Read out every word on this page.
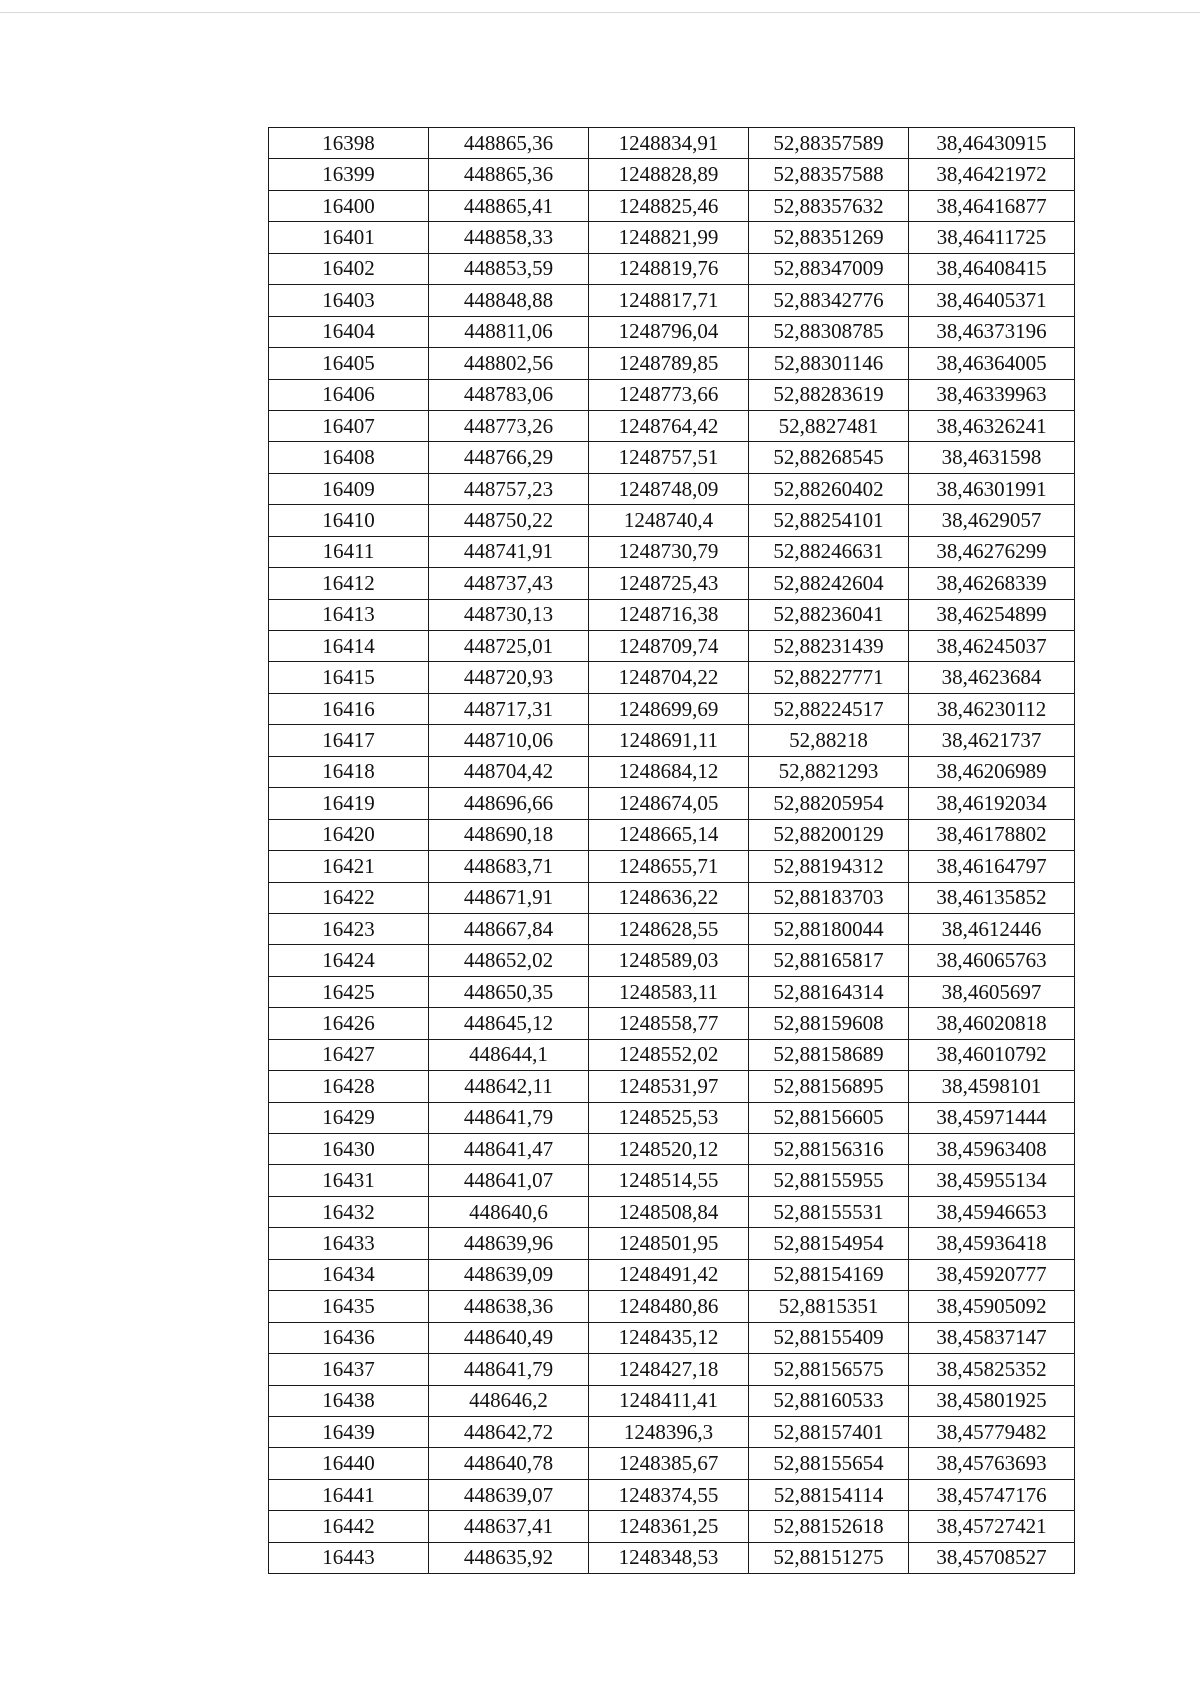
16398	448865,36	1248834,91	52,88357589	38,46430915
16399	448865,36	1248828,89	52,88357588	38,46421972
16400	448865,41	1248825,46	52,88357632	38,46416877
16401	448858,33	1248821,99	52,88351269	38,46411725
16402	448853,59	1248819,76	52,88347009	38,46408415
16403	448848,88	1248817,71	52,88342776	38,46405371
16404	448811,06	1248796,04	52,88308785	38,46373196
16405	448802,56	1248789,85	52,88301146	38,46364005
16406	448783,06	1248773,66	52,88283619	38,46339963
16407	448773,26	1248764,42	52,8827481	38,46326241
16408	448766,29	1248757,51	52,88268545	38,4631598
16409	448757,23	1248748,09	52,88260402	38,46301991
16410	448750,22	1248740,4	52,88254101	38,4629057
16411	448741,91	1248730,79	52,88246631	38,46276299
16412	448737,43	1248725,43	52,88242604	38,46268339
16413	448730,13	1248716,38	52,88236041	38,46254899
16414	448725,01	1248709,74	52,88231439	38,46245037
16415	448720,93	1248704,22	52,88227771	38,4623684
16416	448717,31	1248699,69	52,88224517	38,46230112
16417	448710,06	1248691,11	52,88218	38,4621737
16418	448704,42	1248684,12	52,8821293	38,46206989
16419	448696,66	1248674,05	52,88205954	38,46192034
16420	448690,18	1248665,14	52,88200129	38,46178802
16421	448683,71	1248655,71	52,88194312	38,46164797
16422	448671,91	1248636,22	52,88183703	38,46135852
16423	448667,84	1248628,55	52,88180044	38,4612446
16424	448652,02	1248589,03	52,88165817	38,46065763
16425	448650,35	1248583,11	52,88164314	38,4605697
16426	448645,12	1248558,77	52,88159608	38,46020818
16427	448644,1	1248552,02	52,88158689	38,46010792
16428	448642,11	1248531,97	52,88156895	38,4598101
16429	448641,79	1248525,53	52,88156605	38,45971444
16430	448641,47	1248520,12	52,88156316	38,45963408
16431	448641,07	1248514,55	52,88155955	38,45955134
16432	448640,6	1248508,84	52,88155531	38,45946653
16433	448639,96	1248501,95	52,88154954	38,45936418
16434	448639,09	1248491,42	52,88154169	38,45920777
16435	448638,36	1248480,86	52,8815351	38,45905092
16436	448640,49	1248435,12	52,88155409	38,45837147
16437	448641,79	1248427,18	52,88156575	38,45825352
16438	448646,2	1248411,41	52,88160533	38,45801925
16439	448642,72	1248396,3	52,88157401	38,45779482
16440	448640,78	1248385,67	52,88155654	38,45763693
16441	448639,07	1248374,55	52,88154114	38,45747176
16442	448637,41	1248361,25	52,88152618	38,45727421
16443	448635,92	1248348,53	52,88151275	38,45708527
